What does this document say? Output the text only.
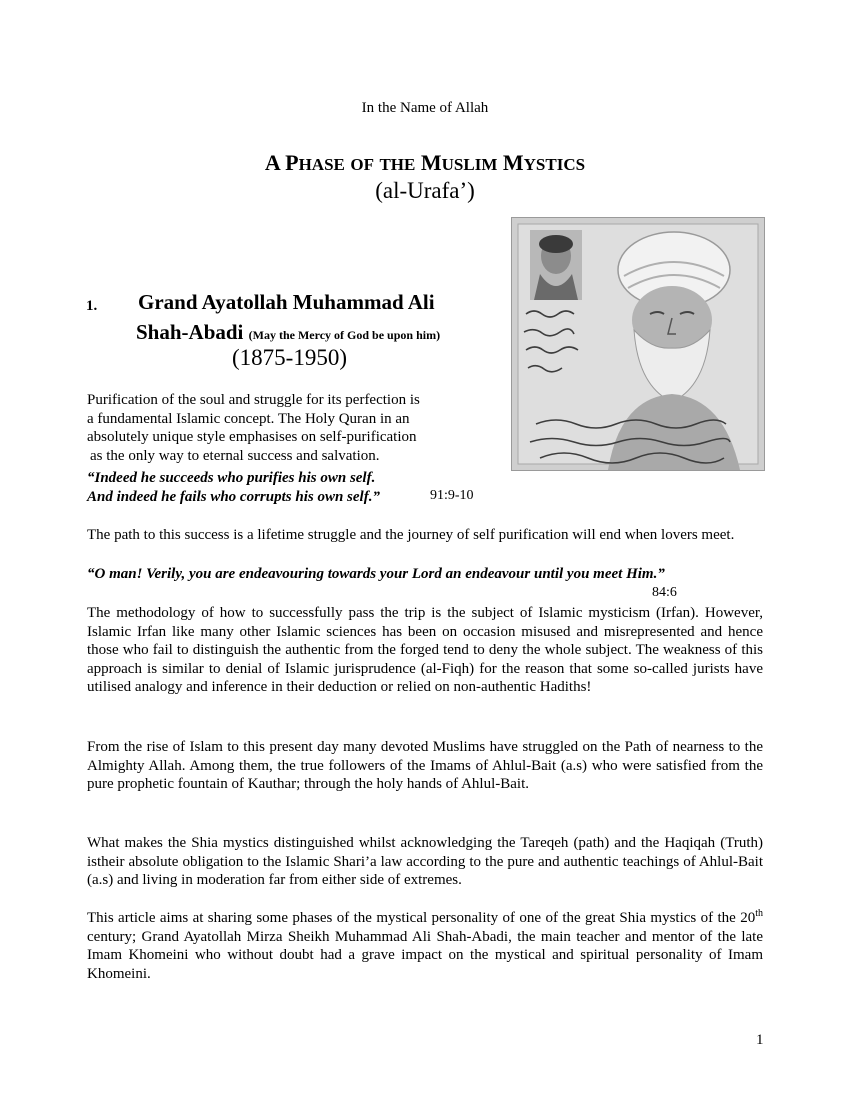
In the Name of Allah
A PHASE OF THE MUSLIM MYSTICS
(al-Urafa’)
1. Grand Ayatollah Muhammad Ali
Shah-Abadi (May the Mercy of God be upon him)
(1875-1950)
Purification of the soul and struggle for its perfection is
a fundamental Islamic concept. The Holy Quran in an
absolutely unique style emphasises on self-purification
as the only way to eternal success and salvation.
“Indeed he succeeds who purifies his own self.
And indeed he fails who corrupts his own self.”	91:9-10
The path to this success is a lifetime struggle and the journey of self purification will end when lovers meet.
“O man! Verily, you are endeavouring towards your Lord an endeavour until you meet Him.”
84:6
The methodology of how to successfully pass the trip is the subject of Islamic mysticism (Irfan). However, Islamic Irfan like many other Islamic sciences has been on occasion misused and misrepresented and hence those who fail to distinguish the authentic from the forged tend to deny the whole subject. The weakness of this approach is similar to denial of Islamic jurisprudence (al-Fiqh) for the reason that some so-called jurists have utilised analogy and inference in their deduction or relied on non-authentic Hadiths!
From the rise of Islam to this present day many devoted Muslims have struggled on the Path of nearness to the Almighty Allah. Among them, the true followers of the Imams of Ahlul-Bait (a.s) who were satisfied from the pure prophetic fountain of Kauthar; through the holy hands of Ahlul-Bait.
What makes the Shia mystics distinguished whilst acknowledging the Tareqeh (path) and the Haqiqah (Truth) istheir absolute obligation to the Islamic Shari’a law according to the pure and authentic teachings of Ahlul-Bait (a.s) and living in moderation far from either side of extremes.
This article aims at sharing some phases of the mystical personality of one of the great Shia mystics of the 20th century; Grand Ayatollah Mirza Sheikh Muhammad Ali Shah-Abadi, the main teacher and mentor of the late Imam Khomeini who without doubt had a grave impact on the mystical and spiritual personality of Imam Khomeini.
1
